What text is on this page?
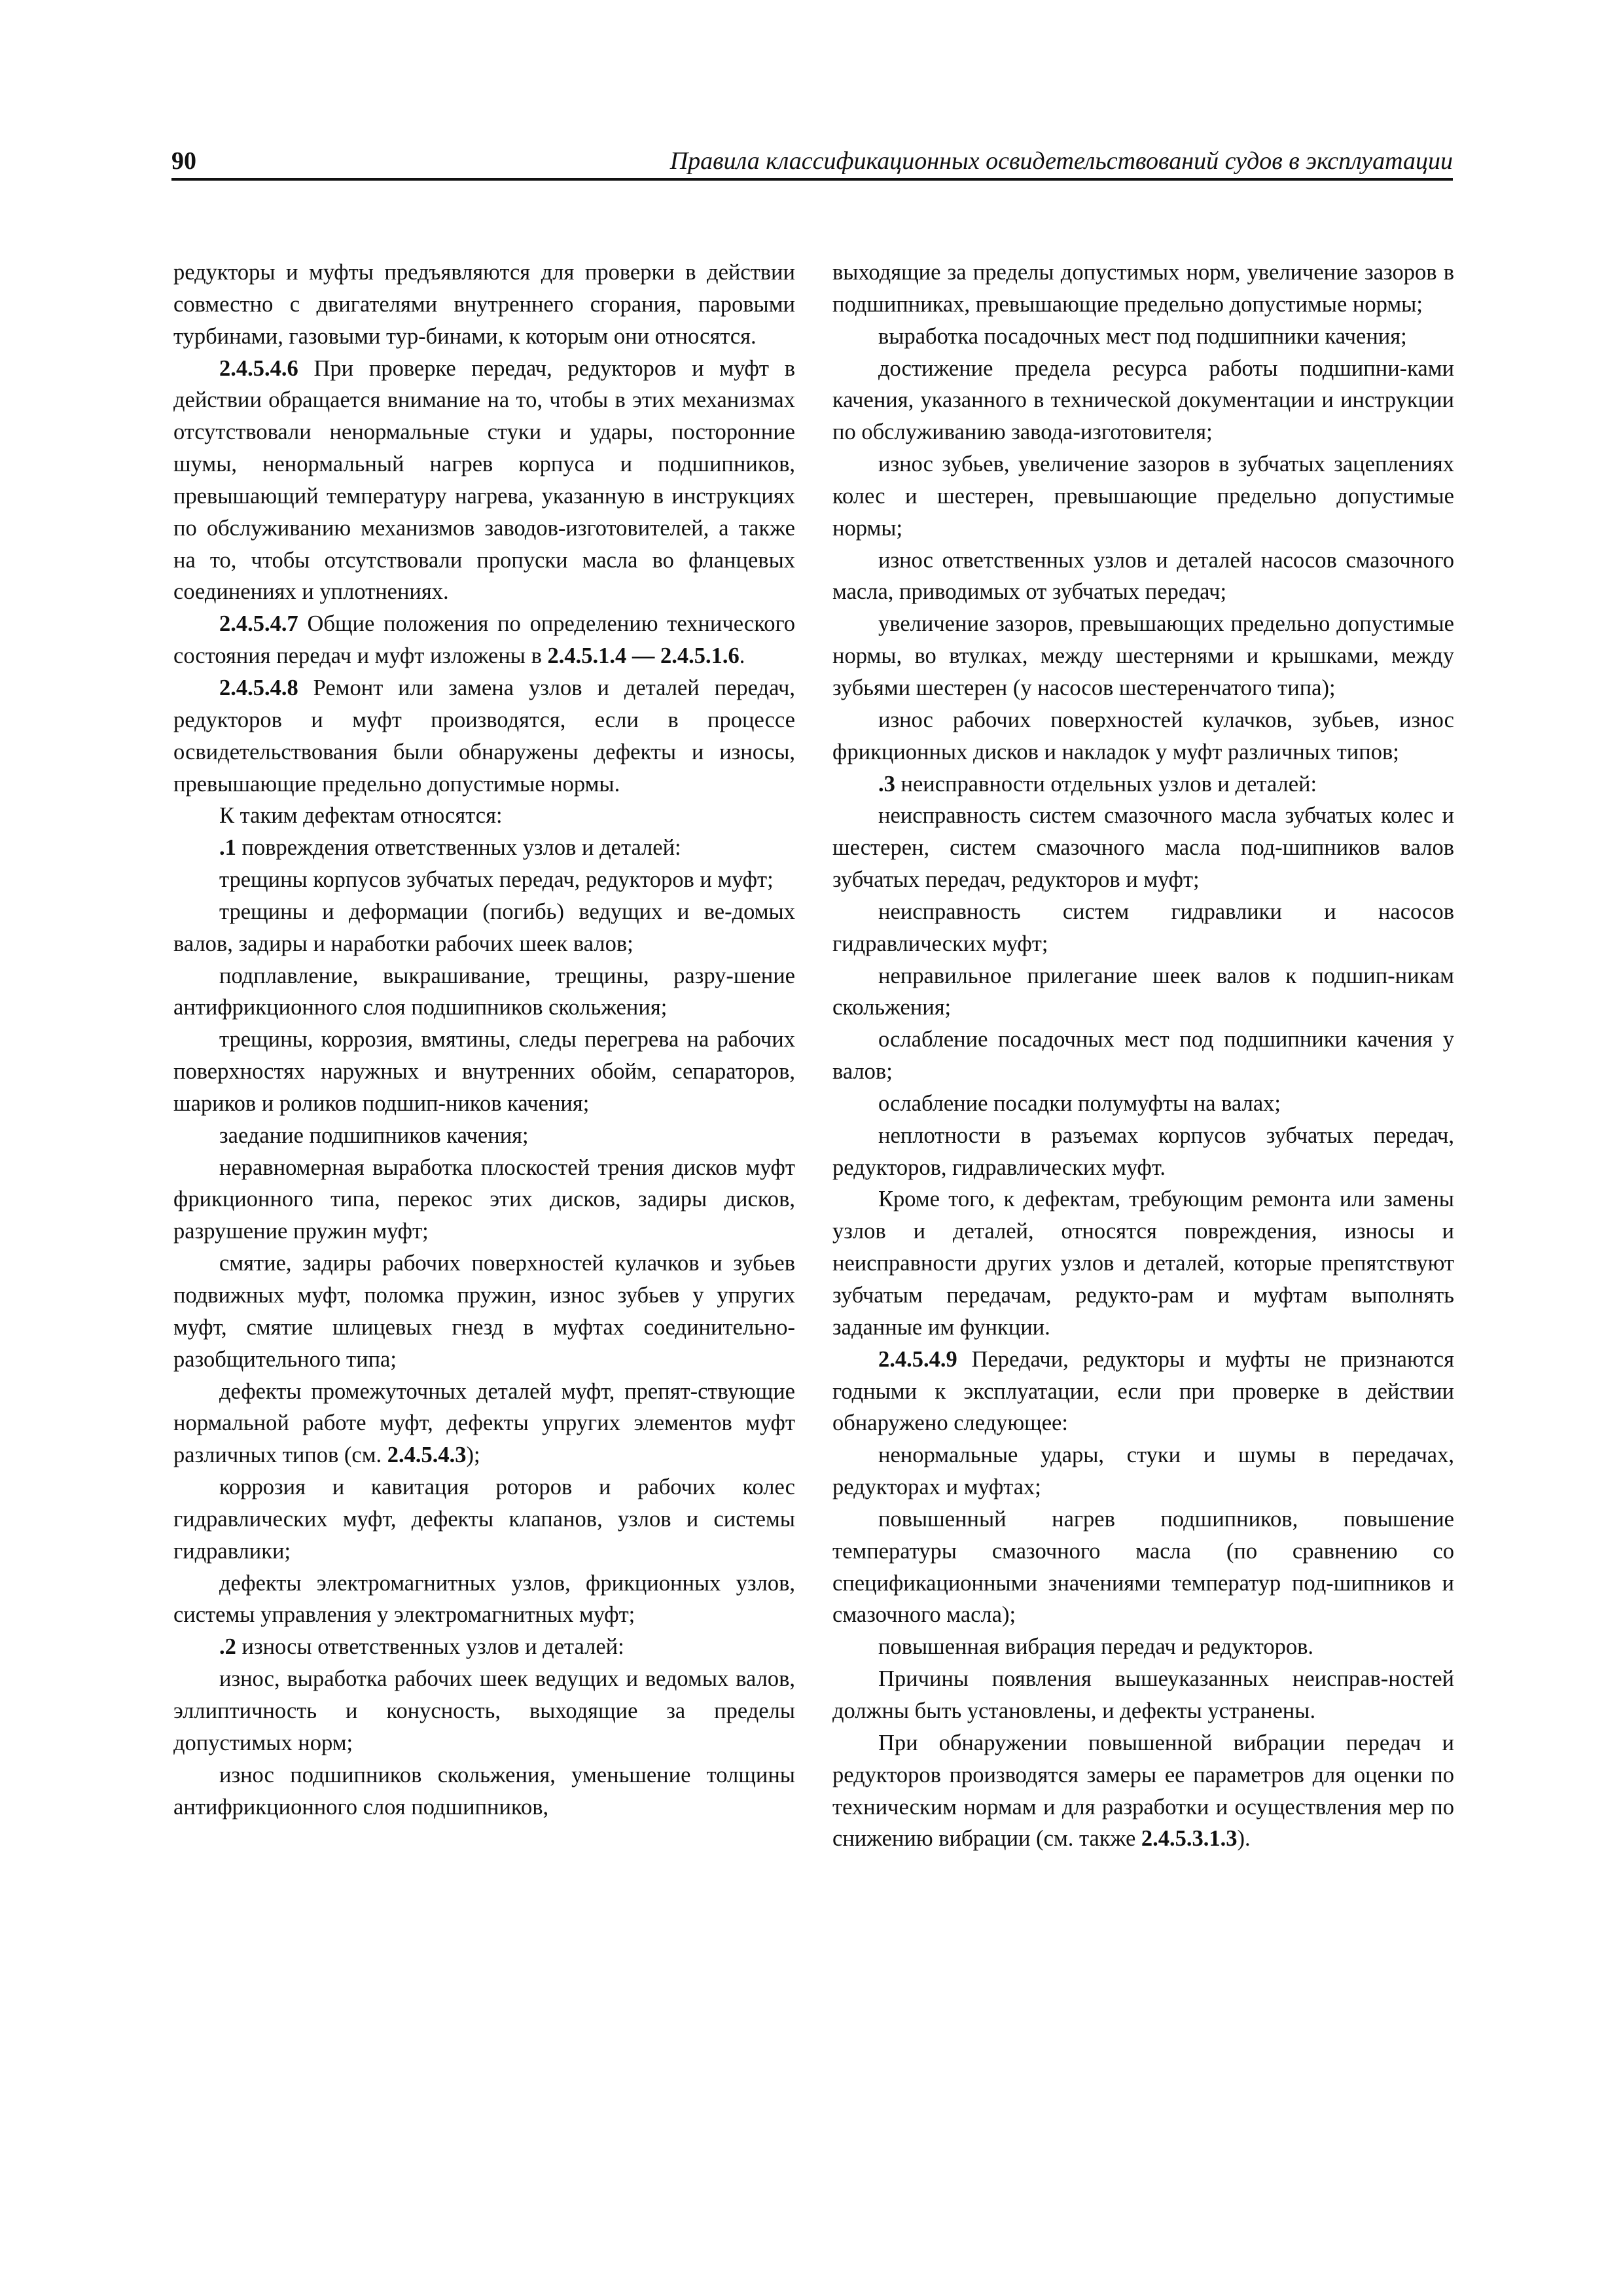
90	Правила классификационных освидетельствований судов в эксплуатации

редукторы и муфты предъявляются для проверки в действии совместно с двигателями внутреннего сгорания, паровыми турбинами, газовыми тур-бинами, к которым они относятся.

2.4.5.4.6 При проверке передач, редукторов и муфт в действии обращается внимание на то, чтобы в этих механизмах отсутствовали ненормальные стуки и удары, посторонние шумы, ненормальный нагрев корпуса и подшипников, превышающий температуру нагрева, указанную в инструкциях по обслуживанию механизмов заводов-изготовителей, а также на то, чтобы отсутствовали пропуски масла во фланцевых соединениях и уплотнениях.

2.4.5.4.7 Общие положения по определению технического состояния передач и муфт изложены в 2.4.5.1.4 — 2.4.5.1.6.

2.4.5.4.8 Ремонт или замена узлов и деталей передач, редукторов и муфт производятся, если в процессе освидетельствования были обнаружены дефекты и износы, превышающие предельно допустимые нормы.

К таким дефектам относятся:

.1 повреждения ответственных узлов и деталей:

трещины корпусов зубчатых передач, редукторов и муфт;

трещины и деформации (погибь) ведущих и ве-домых валов, задиры и наработки рабочих шеек валов;

подплавление, выкрашивание, трещины, разру-шение антифрикционного слоя подшипников скольжения;

трещины, коррозия, вмятины, следы перегрева на рабочих поверхностях наружных и внутренних обойм, сепараторов, шариков и роликов подшип-ников качения;

заедание подшипников качения;

неравномерная выработка плоскостей трения дисков муфт фрикционного типа, перекос этих дисков, задиры дисков, разрушение пружин муфт;

смятие, задиры рабочих поверхностей кулачков и зубьев подвижных муфт, поломка пружин, износ зубьев у упругих муфт, смятие шлицевых гнезд в муфтах соединительно-разобщительного типа;

дефекты промежуточных деталей муфт, препят-ствующие нормальной работе муфт, дефекты упругих элементов муфт различных типов (см. 2.4.5.4.3);

коррозия и кавитация роторов и рабочих колес гидравлических муфт, дефекты клапанов, узлов и системы гидравлики;

дефекты электромагнитных узлов, фрикционных узлов, системы управления у электромагнитных муфт;

.2 износы ответственных узлов и деталей:

износ, выработка рабочих шеек ведущих и ведомых валов, эллиптичность и конусность, выходящие за пределы допустимых норм;

износ подшипников скольжения, уменьшение толщины антифрикционного слоя подшипников,

выходящие за пределы допустимых норм, увеличение зазоров в подшипниках, превышающие предельно допустимые нормы;

выработка посадочных мест под подшипники качения;

достижение предела ресурса работы подшипни-ками качения, указанного в технической документации и инструкции по обслуживанию завода-изготовителя;

износ зубьев, увеличение зазоров в зубчатых зацеплениях колес и шестерен, превышающие предельно допустимые нормы;

износ ответственных узлов и деталей насосов смазочного масла, приводимых от зубчатых передач;

увеличение зазоров, превышающих предельно допустимые нормы, во втулках, между шестернями и крышками, между зубьями шестерен (у насосов шестеренчатого типа);

износ рабочих поверхностей кулачков, зубьев, износ фрикционных дисков и накладок у муфт различных типов;

.3 неисправности отдельных узлов и деталей:

неисправность систем смазочного масла зубчатых колес и шестерен, систем смазочного масла под-шипников валов зубчатых передач, редукторов и муфт;

неисправность систем гидравлики и насосов гидравлических муфт;

неправильное прилегание шеек валов к подшип-никам скольжения;

ослабление посадочных мест под подшипники качения у валов;

ослабление посадки полумуфты на валах;

неплотности в разъемах корпусов зубчатых передач, редукторов, гидравлических муфт.

Кроме того, к дефектам, требующим ремонта или замены узлов и деталей, относятся повреждения, износы и неисправности других узлов и деталей, которые препятствуют зубчатым передачам, редукто-рам и муфтам выполнять заданные им функции.

2.4.5.4.9 Передачи, редукторы и муфты не признаются годными к эксплуатации, если при проверке в действии обнаружено следующее:

ненормальные удары, стуки и шумы в передачах, редукторах и муфтах;

повышенный нагрев подшипников, повышение температуры смазочного масла (по сравнению со спецификационными значениями температур под-шипников и смазочного масла);

повышенная вибрация передач и редукторов.

Причины появления вышеуказанных неисправ-ностей должны быть установлены, и дефекты устранены.

При обнаружении повышенной вибрации передач и редукторов производятся замеры ее параметров для оценки по техническим нормам и для разработки и осуществления мер по снижению вибрации (см. также 2.4.5.3.1.3).
